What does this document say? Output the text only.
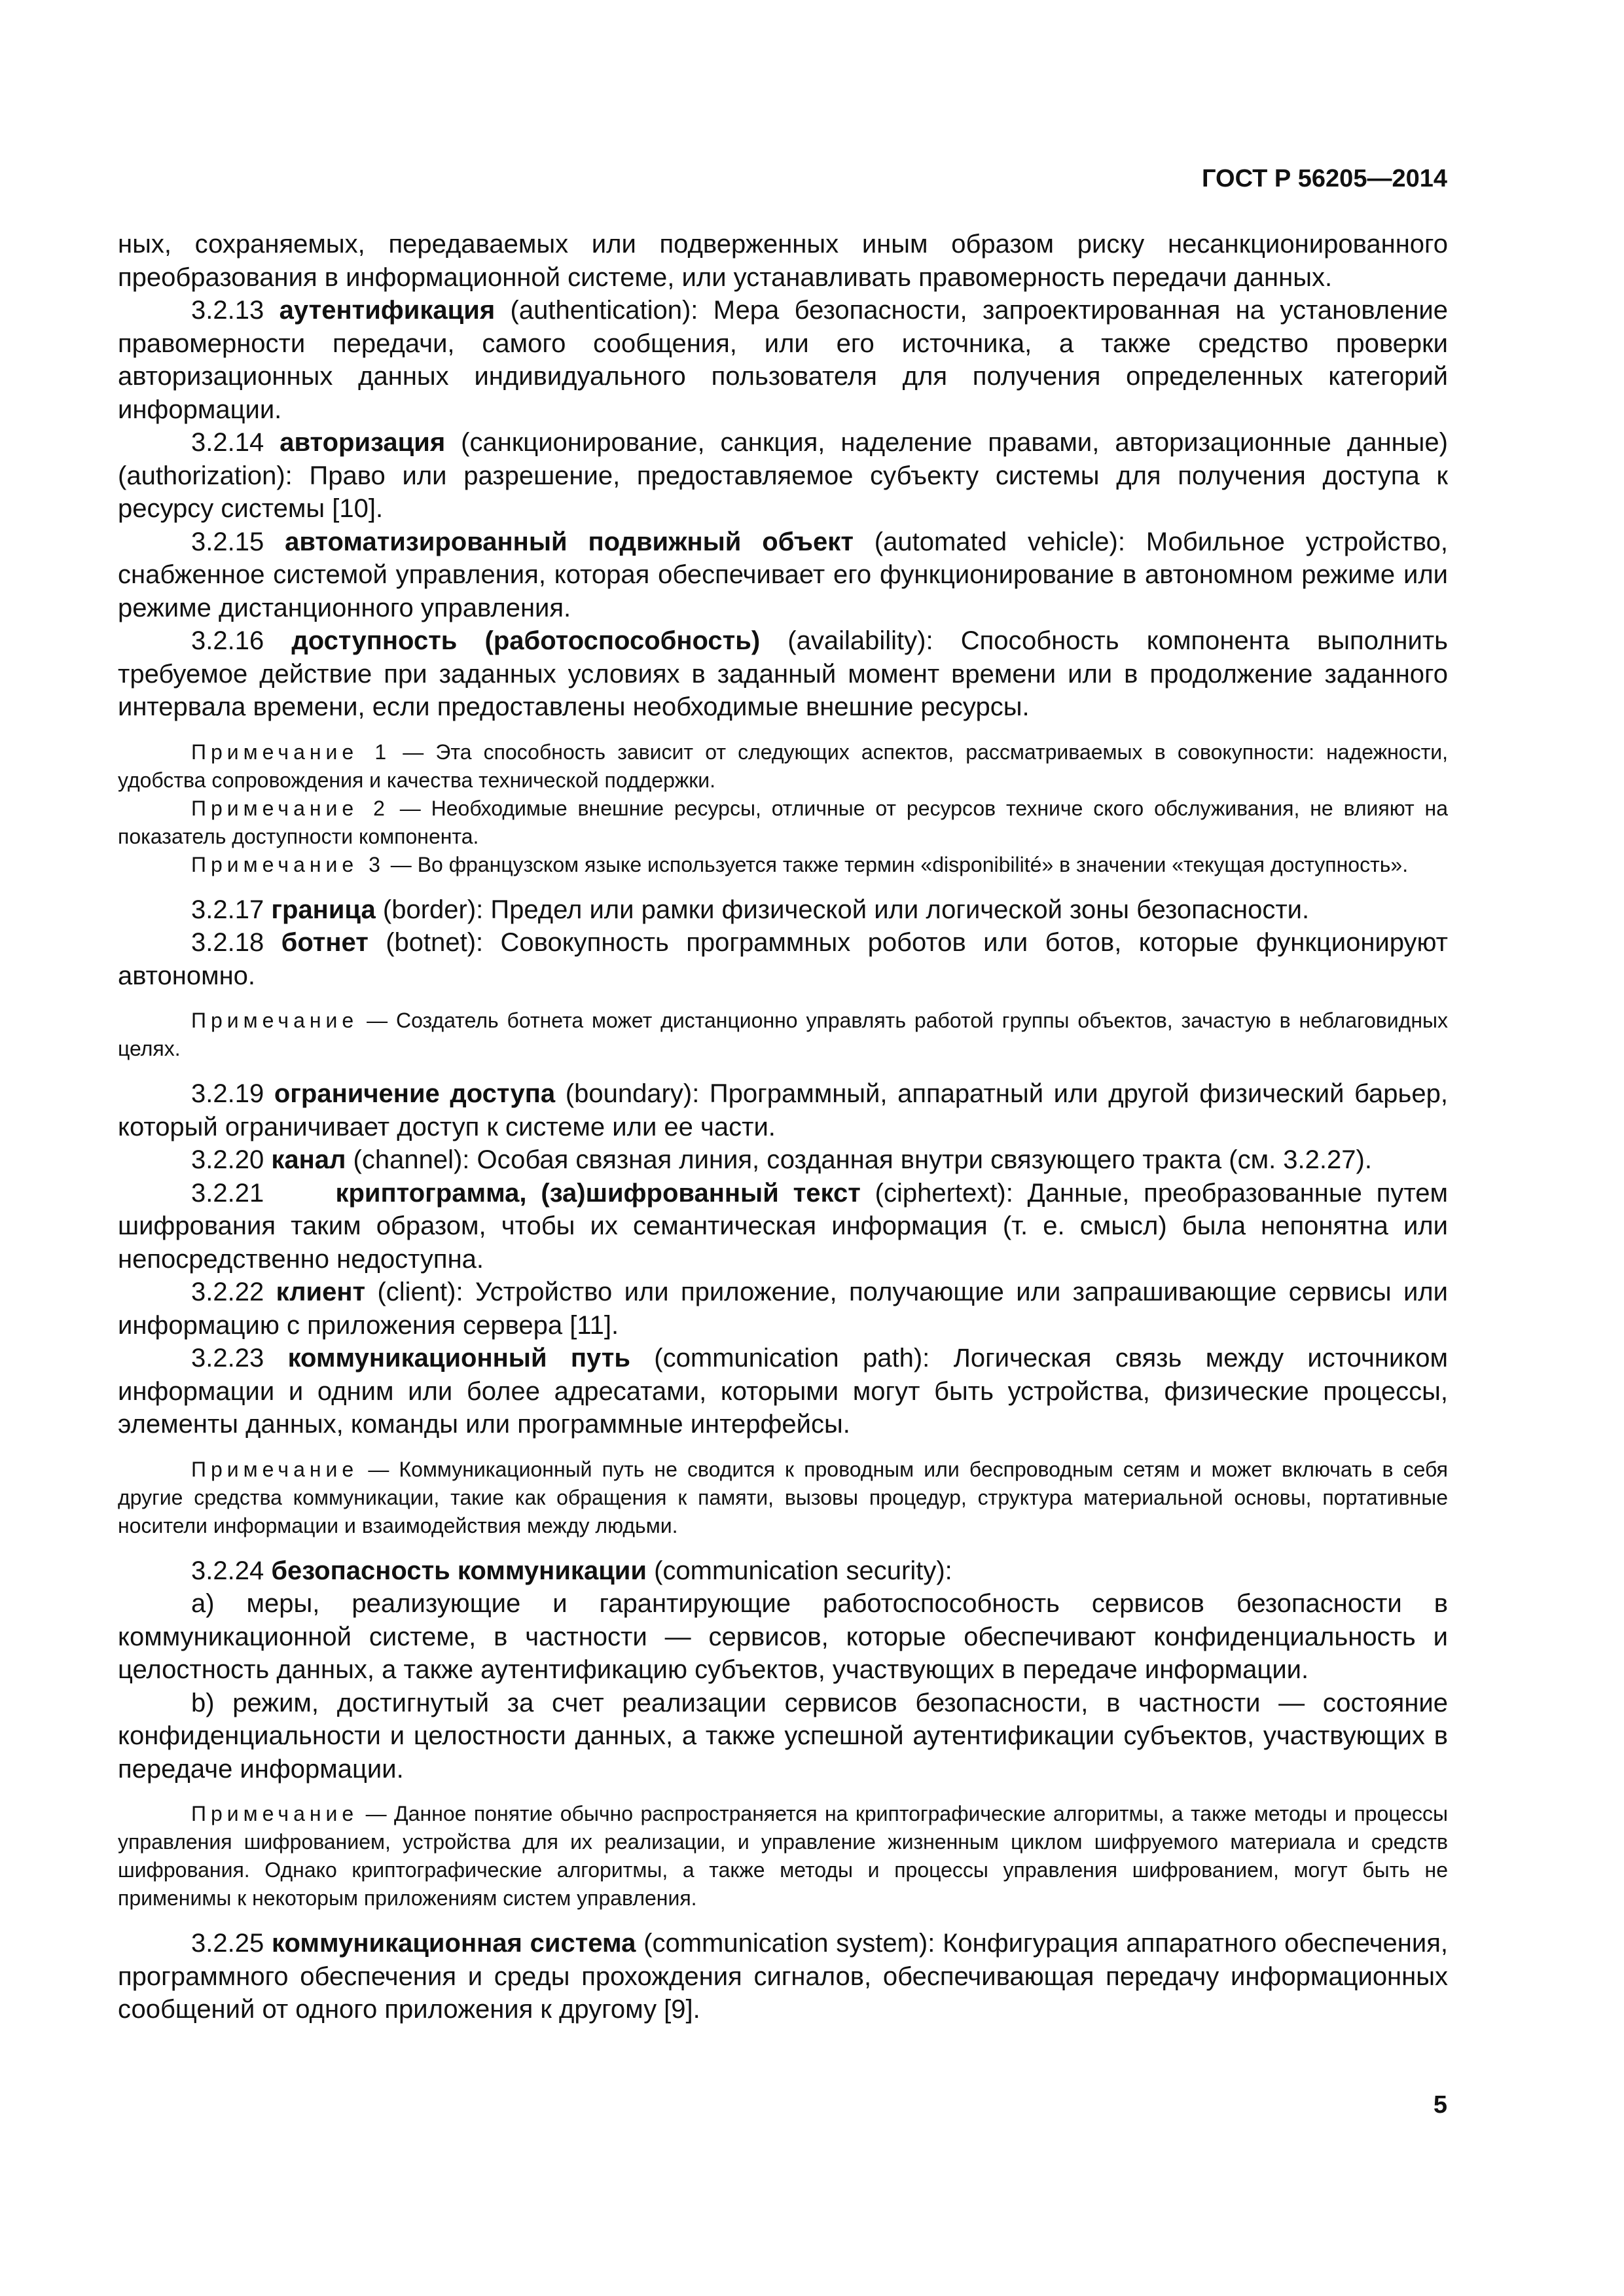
ГОСТ Р 56205—2014

ных, сохраняемых, передаваемых или подверженных иным образом риску несанкционированного преобразования в информационной системе, или устанавливать правомерность передачи данных.

3.2.13 аутентификация (authentication): Мера безопасности, запроектированная на установление правомерности передачи, самого сообщения, или его источника, а также средство проверки авторизационных данных индивидуального пользователя для получения определенных категорий информации.

3.2.14 авторизация (санкционирование, санкция, наделение правами, авторизационные данные) (authorization): Право или разрешение, предоставляемое субъекту системы для получения доступа к ресурсу системы [10].

3.2.15 автоматизированный подвижный объект (automated vehicle): Мобильное устройство, снабженное системой управления, которая обеспечивает его функционирование в автономном режиме или режиме дистанционного управления.

3.2.16 доступность (работоспособность) (availability): Способность компонента выполнить требуемое действие при заданных условиях в заданный момент времени или в продолжение заданного интервала времени, если предоставлены необходимые внешние ресурсы.

Примечание 1 — Эта способность зависит от следующих аспектов, рассматриваемых в совокупности: надежности, удобства сопровождения и качества технической поддержки.

Примечание 2 — Необходимые внешние ресурсы, отличные от ресурсов техниче ского обслуживания, не влияют на показатель доступности компонента.

Примечание 3 — Во французском языке используется также термин «disponibilité» в значении «текущая доступность».

3.2.17 граница (border): Предел или рамки физической или логической зоны безопасности.

3.2.18 ботнет (botnet): Совокупность программных роботов или ботов, которые функционируют автономно.

Примечание — Создатель ботнета может дистанционно управлять работой группы объектов, зачастую в неблаговидных целях.

3.2.19 ограничение доступа (boundary): Программный, аппаратный или другой физический барьер, который ограничивает доступ к системе или ее части.

3.2.20 канал (channel): Особая связная линия, созданная внутри связующего тракта (см. 3.2.27).

3.2.21	криптограмма, (за)шифрованный текст (ciphertext): Данные, преобразованные путем шифрования таким образом, чтобы их семантическая информация (т. е. смысл) была непонятна или непосредственно недоступна.

3.2.22 клиент (client): Устройство или приложение, получающие или запрашивающие сервисы или информацию с приложения сервера [11].

3.2.23 коммуникационный путь (communication path): Логическая связь между источником информации и одним или более адресатами, которыми могут быть устройства, физические процессы, элементы данных, команды или программные интерфейсы.

Примечание — Коммуникационный путь не сводится к проводным или беспроводным сетям и может включать в себя другие средства коммуникации, такие как обращения к памяти, вызовы процедур, структура материальной основы, портативные носители информации и взаимодействия между людьми.

3.2.24 безопасность коммуникации (communication security):

a) меры, реализующие и гарантирующие работоспособность сервисов безопасности в коммуникационной системе, в частности — сервисов, которые обеспечивают конфиденциальность и целостность данных, а также аутентификацию субъектов, участвующих в передаче информации.

b) режим, достигнутый за счет реализации сервисов безопасности, в частности — состояние конфиденциальности и целостности данных, а также успешной аутентификации субъектов, участвующих в передаче информации.

Примечание — Данное понятие обычно распространяется на криптографические алгоритмы, а также методы и процессы управления шифрованием, устройства для их реализации, и управление жизненным циклом шифруемого материала и средств шифрования. Однако криптографические алгоритмы, а также методы и процессы управления шифрованием, могут быть не применимы к некоторым приложениям систем управления.

3.2.25 коммуникационная система (communication system): Конфигурация аппаратного обеспечения, программного обеспечения и среды прохождения сигналов, обеспечивающая передачу информационных сообщений от одного приложения к другому [9].

5
